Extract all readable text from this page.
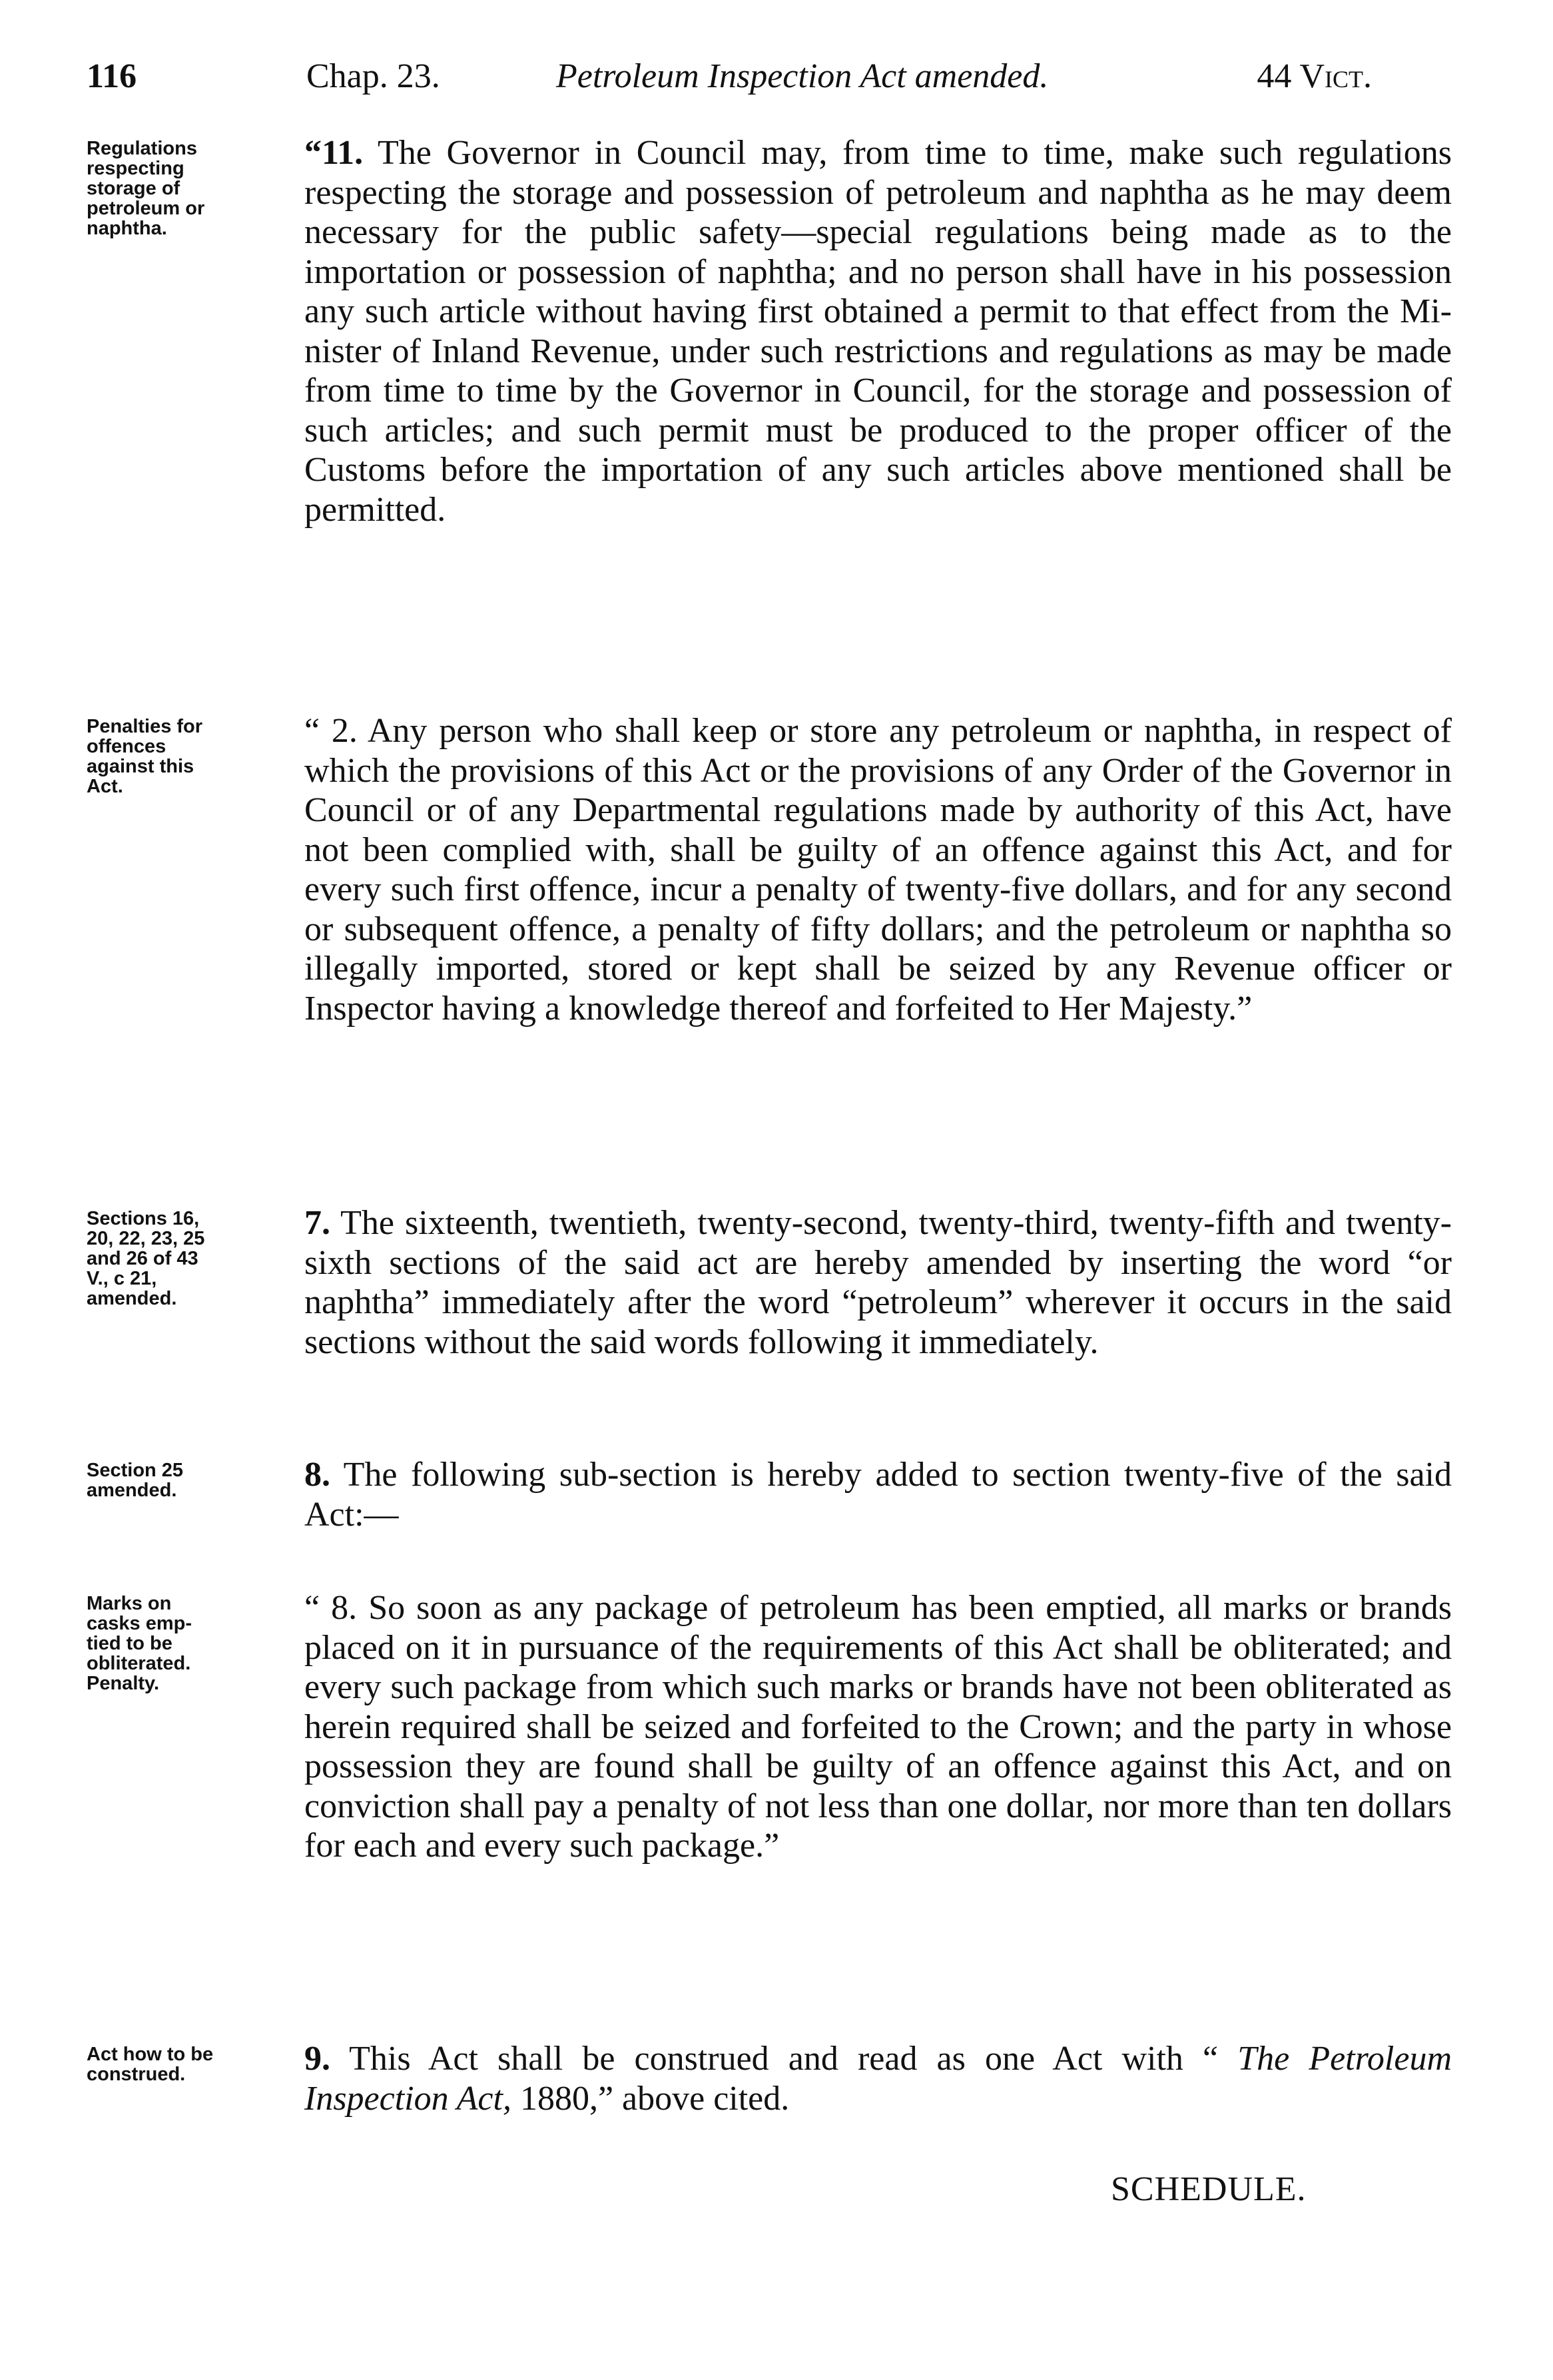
116	Chap. 23.	Petroleum Inspection Act amended.	44 Vict.
Regulations
respecting
storage of
petroleum or
naphtha.
“11. The Governor in Council may, from time to time, make such regulations respecting the storage and possession of petroleum and naphtha as he may deem necessary for the public safety—special regulations being made as to the importation or possession of naphtha; and no person shall have in his possession any such article without having first obtained a permit to that effect from the Minister of Inland Revenue, under such restrictions and regulations as may be made from time to time by the Governor in Council, for the storage and possession of such articles; and such permit must be produced to the proper officer of the Customs before the importation of any such articles above mentioned shall be permitted.
Penalties for
offences
against this
Act.
“ 2. Any person who shall keep or store any petroleum or naphtha, in respect of which the provisions of this Act or the provisions of any Order of the Governor in Council or of any Departmental regulations made by authority of this Act, have not been complied with, shall be guilty of an offence against this Act, and for every such first offence, incur a penalty of twenty-five dollars, and for any second or subsequent offence, a penalty of fifty dollars; and the petroleum or naphtha so illegally imported, stored or kept shall be seized by any Revenue officer or Inspector having a knowledge thereof and forfeited to Her Majesty.”
Sections 16,
20, 22, 23, 25
and 26 of 43
V., c 21,
amended.
7. The sixteenth, twentieth, twenty-second, twenty-third, twenty-fifth and twenty-sixth sections of the said act are hereby amended by inserting the word “or naphtha” immediately after the word “petroleum” wherever it occurs in the said sections without the said words following it immediately.
Section 25
amended.	8. The following sub-section is hereby added to section twenty-five of the said Act:—
Marks on
casks emp-
tied to be
obliterated.
Penalty.
“ 8. So soon as any package of petroleum has been emptied, all marks or brands placed on it in pursuance of the requirements of this Act shall be obliterated; and every such package from which such marks or brands have not been obliterated as herein required shall be seized and forfeited to the Crown; and the party in whose possession they are found shall be guilty of an offence against this Act, and on conviction shall pay a penalty of not less than one dollar, nor more than ten dollars for each and every such package.”
Act how to be
construed.	9. This Act shall be construed and read as one Act with “ The Petroleum Inspection Act, 1880,” above cited.
SCHEDULE.
